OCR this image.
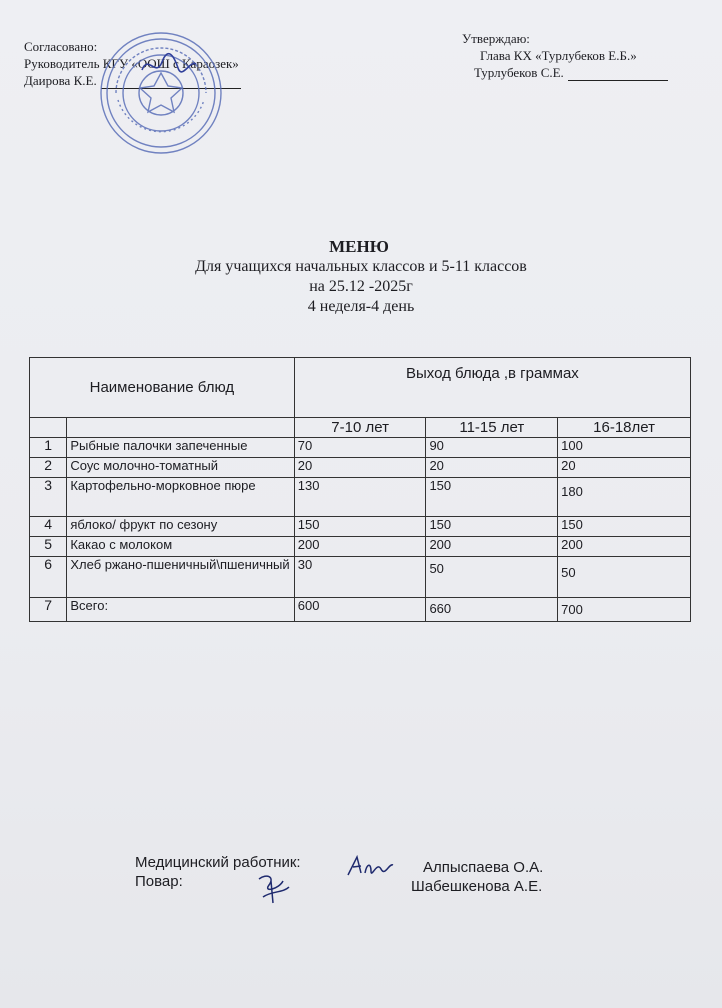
Согласовано:
Руководитель КГУ «ООШ с Караозек»
Даирова К.Е.
Утверждаю:
Глава КХ «Турлубеков Е.Б.»
Турлубеков С.Е.
МЕНЮ
Для учащихся начальных классов и 5-11 классов
на 25.12 -2025г
4 неделя-4 день
Наименование блюд		Выход блюда ,в граммах		
		7-10 лет	11-15 лет	16-18лет
1	Рыбные палочки запеченные	70	90	100
2	Соус молочно-томатный	20	20	20
3	Картофельно-морковное пюре	130	150	180
4	яблоко/ фрукт по сезону	150	150	150
5	Какао с молоком	200	200	200
6	Хлеб ржано-пшеничный\пшеничный	30	50	50
7	Всего:	600	660	700
Медицинский работник:
Повар:
Алпыспаева О.А.
Шабешкенова А.Е.
